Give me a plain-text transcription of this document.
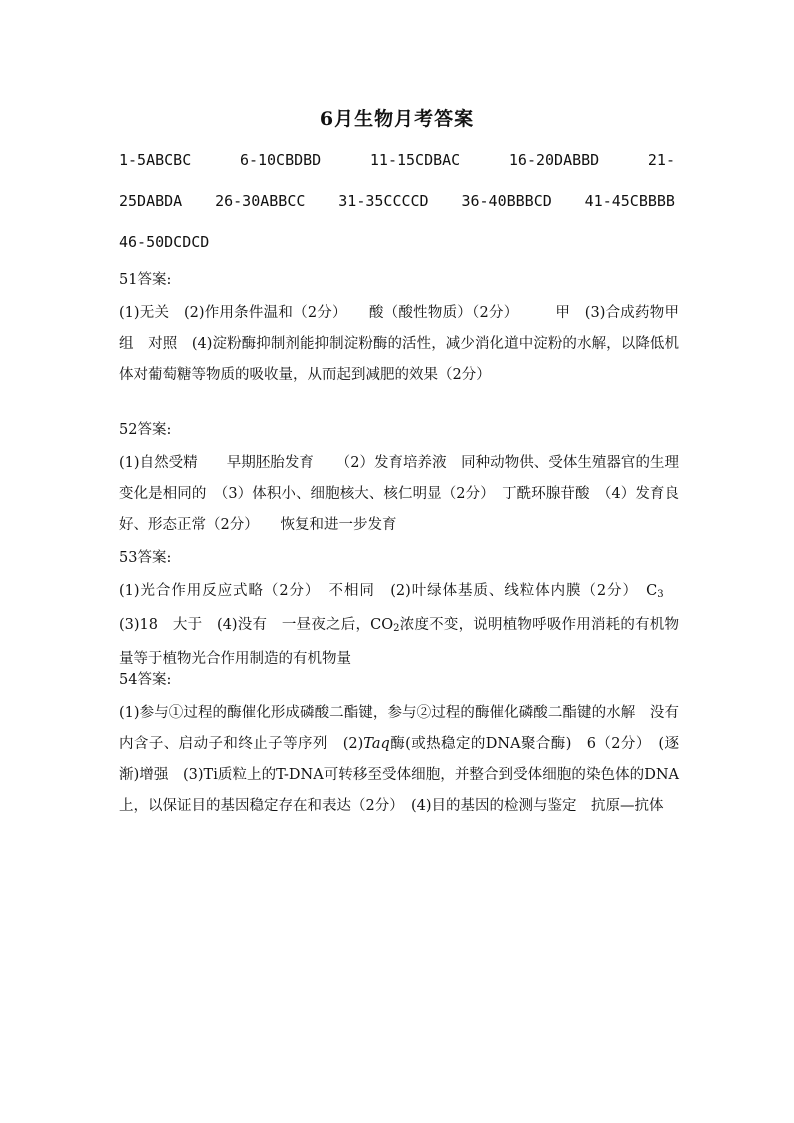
6月生物月考答案
1-5ABCBC	6-10CBDBD	11-15CDBAC	16-20DABBD	21-
25DABDA 26-30ABBCC 31-35CCCCD 36-40BBBCD 41-45CBBBB
46-50DCDCD
51答案:
(1)无关　(2)作用条件温和（2分）　　酸（酸性物质）（2分）　　　甲　(3)合成药物甲组　对照　(4)淀粉酶抑制剂能抑制淀粉酶的活性，减少消化道中淀粉的水解，以降低机体对葡萄糖等物质的吸收量，从而起到减肥的效果（2分）
52答案:
(1)自然受精　　早期胚胎发育　　（2）发育培养液　同种动物供、受体生殖器官的生理变化是相同的　（3）体积小、细胞核大、核仁明显（2分）　丁酰环腺苷酸　（4）发育良好、形态正常（2分）　　恢复和进一步发育
53答案:
(1)光合作用反应式略（2分）　不相同　(2)叶绿体基质、线粒体内膜（2分）　$C_3$　(3)18　大于　(4)没有　一昼夜之后，$CO_2$浓度不变，说明植物呼吸作用消耗的有机物量等于植物光合作用制造的有机物量
54答案:
(1)参与①过程的酶催化形成磷酸二酯键，参与②过程的酶催化磷酸二酯键的水解　没有内含子、启动子和终止子等序列　(2)Taq酶(或热稳定的DNA聚合酶)　6（2分）　(逐渐)增强　(3)Ti质粒上的T-DNA可转移至受体细胞，并整合到受体细胞的染色体的DNA上，以保证目的基因稳定存在和表达（2分）　(4)目的基因的检测与鉴定　抗原—抗体
